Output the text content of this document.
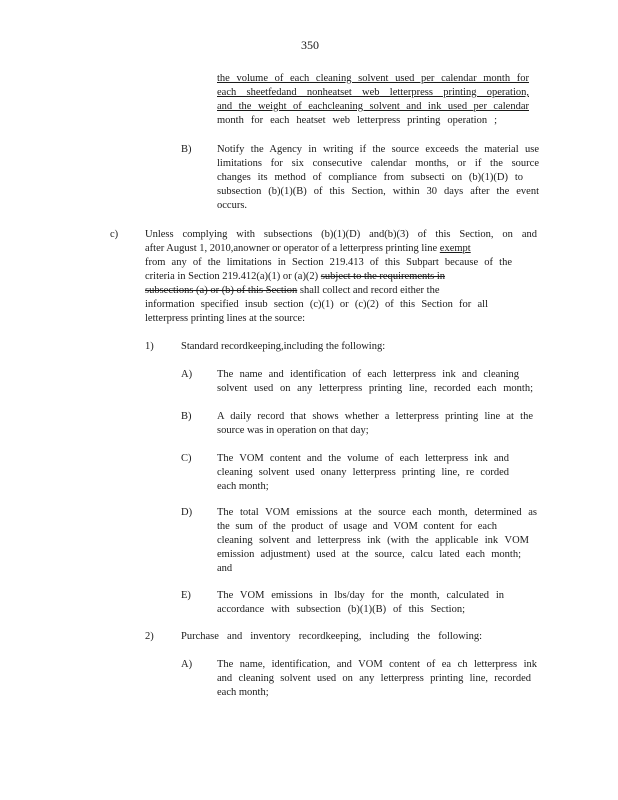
350
the volume of each cleaning solvent used per calendar month for
each sheetfedand nonheatset web letterpress printing operation,
and the weight of eachcleaning solvent and ink used per calendar
month for each heatset web letterpress printing operation ;
B) Notify the Agency in writing if the source exceeds the material use
limitations for six consecutive calendar months, or if the source
changes its method of compliance from subsecti on (b)(1)(D) to
subsection (b)(1)(B) of this Section, within 30 days after the event
occurs.
c)	Unless complying with subsections (b)(1)(D) and(b)(3) of this Section, on and
after August 1, 2010,anowner or operator of a letterpress printing line exempt
from any of the limitations in Section 219.413 of this Subpart because of the
criteria in Section 219.412(a)(1) or (a)(2) subject to the requirements in
subsections (a) or (b) of this Section shall collect and record either the
information specified insub section (c)(1) or (c)(2) of this Section for all
letterpress printing lines at the source:
1)	Standard recordkeeping,including the following:
A) The name and identification of each letterpress ink and cleaning
solvent used on any letterpress printing line, recorded each month;
B) A daily record that shows whether a letterpress printing line at the
source was in operation on that day;
C) The VOM content and the volume of each letterpress ink and
cleaning solvent used onany letterpress printing line, re corded
each month;
D) The total VOM emissions at the source each month, determined as
the sum of the product of usage and VOM content for each
cleaning solvent and letterpress ink (with the applicable ink VOM
emission adjustment) used at the source, calcu lated each month;
and
E) The VOM emissions in lbs/day for the month, calculated in
accordance with subsection (b)(1)(B) of this Section;
2)	Purchase and inventory recordkeeping, including the following:
A) The name, identification, and VOM content of ea ch letterpress ink
and cleaning solvent used on any letterpress printing line, recorded
each month;
